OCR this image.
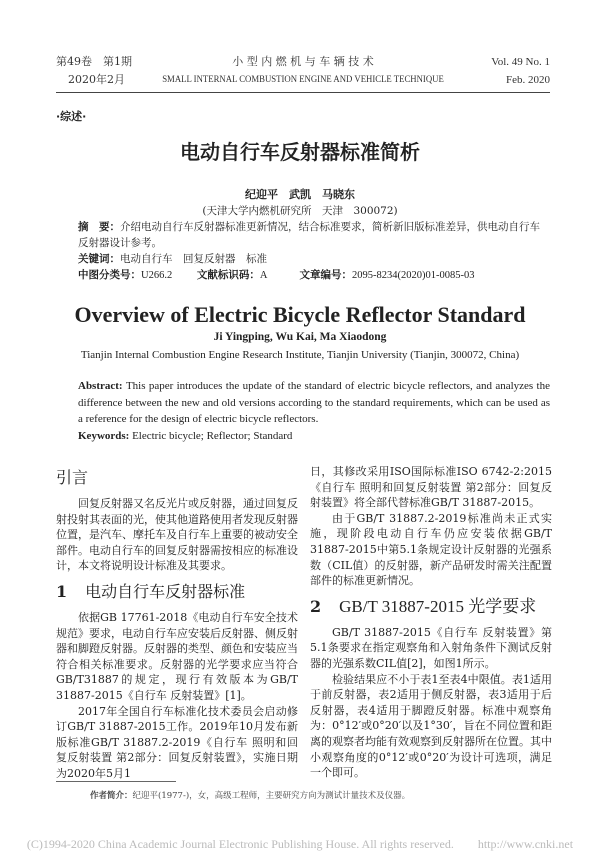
第49卷　第1期
2020年2月
小 型 内 燃 机 与 车 辆 技 术
SMALL INTERNAL COMBUSTION ENGINE AND VEHICLE TECHNIQUE
Vol. 49 No. 1
Feb. 2020
·综述·
电动自行车反射器标准简析
纪迎平　武凯　马晓东
(天津大学内燃机研究所　天津　300072)
摘　要：介绍电动自行车反射器标准更新情况，结合标准要求，简析新旧版标准差异，供电动自行车反射器设计参考。
关键词：电动自行车　回复反射器　标准
中图分类号：U266.2 文献标识码：A	文章编号：2095-8234(2020)01-0085-03
Overview of Electric Bicycle Reflector Standard
Ji Yingping, Wu Kai, Ma Xiaodong
Tianjin Internal Combustion Engine Research Institute, Tianjin University (Tianjin, 300072, China)
Abstract: This paper introduces the update of the standard of electric bicycle reflectors, and analyzes the difference between the new and old versions according to the standard requirements, which can be used as a reference for the design of electric bicycle reflectors.
Keywords: Electric bicycle; Reflector; Standard
引言

回复反射器又名反光片或反射器，通过回复反射投射其表面的光，使其他道路使用者发现反射器位置，是汽车、摩托车及自行车上重要的被动安全部件。电动自行车的回复反射器需按相应的标准设计，本文将说明设计标准及其要求。

1 电动自行车反射器标准

依据GB 17761-2018《电动自行车安全技术规范》要求，电动自行车应安装后反射器、侧反射器和脚蹬反射器。反射器的类型、颜色和安装应当符合相关标准要求。反射器的光学要求应当符合GB/T31887的规定，现行有效版本为GB/T 31887-2015《自行车 反射装置》[1]。

2017年全国自行车标准化技术委员会启动修订GB/T 31887-2015工作。2019年10月发布新版标准GB/T 31887.2-2019《自行车 照明和回复反射装置 第2部分：回复反射装置》，实施日期为2020年5月1

日，其修改采用ISO国际标准ISO 6742-2:2015《自行车 照明和回复反射装置 第2部分：回复反射装置》将全部代替标准GB/T 31887-2015。

由于GB/T 31887.2-2019标准尚未正式实施，现阶段电动自行车仍应安装依据GB/T 31887-2015中第5.1条规定设计反射器的光强系数（CIL值）的反射器，新产品研发时需关注配置部件的标准更新情况。

2 GB/T 31887-2015 光学要求

GB/T 31887-2015《自行车 反射装置》第5.1条要求在指定观察角和入射角条件下测试反射器的光强系数CIL值[2]，如图1所示。

检验结果应不小于表1至表4中限值。表1适用于前反射器，表2适用于侧反射器，表3适用于后反射器，表4适用于脚蹬反射器。标准中观察角为：0°12′或0°20′以及1°30′，旨在不同位置和距离的观察者均能有效观察到反射器所在位置。其中小观察角度的0°12′或0°20′为设计可选项，满足一个即可。

作者简介：纪迎平(1977-)，女，高级工程师，主要研究方向为测试计量技术及仪器。
(C)1994-2020 China Academic Journal Electronic Publishing House. All rights reserved.　　http://www.cnki.net
